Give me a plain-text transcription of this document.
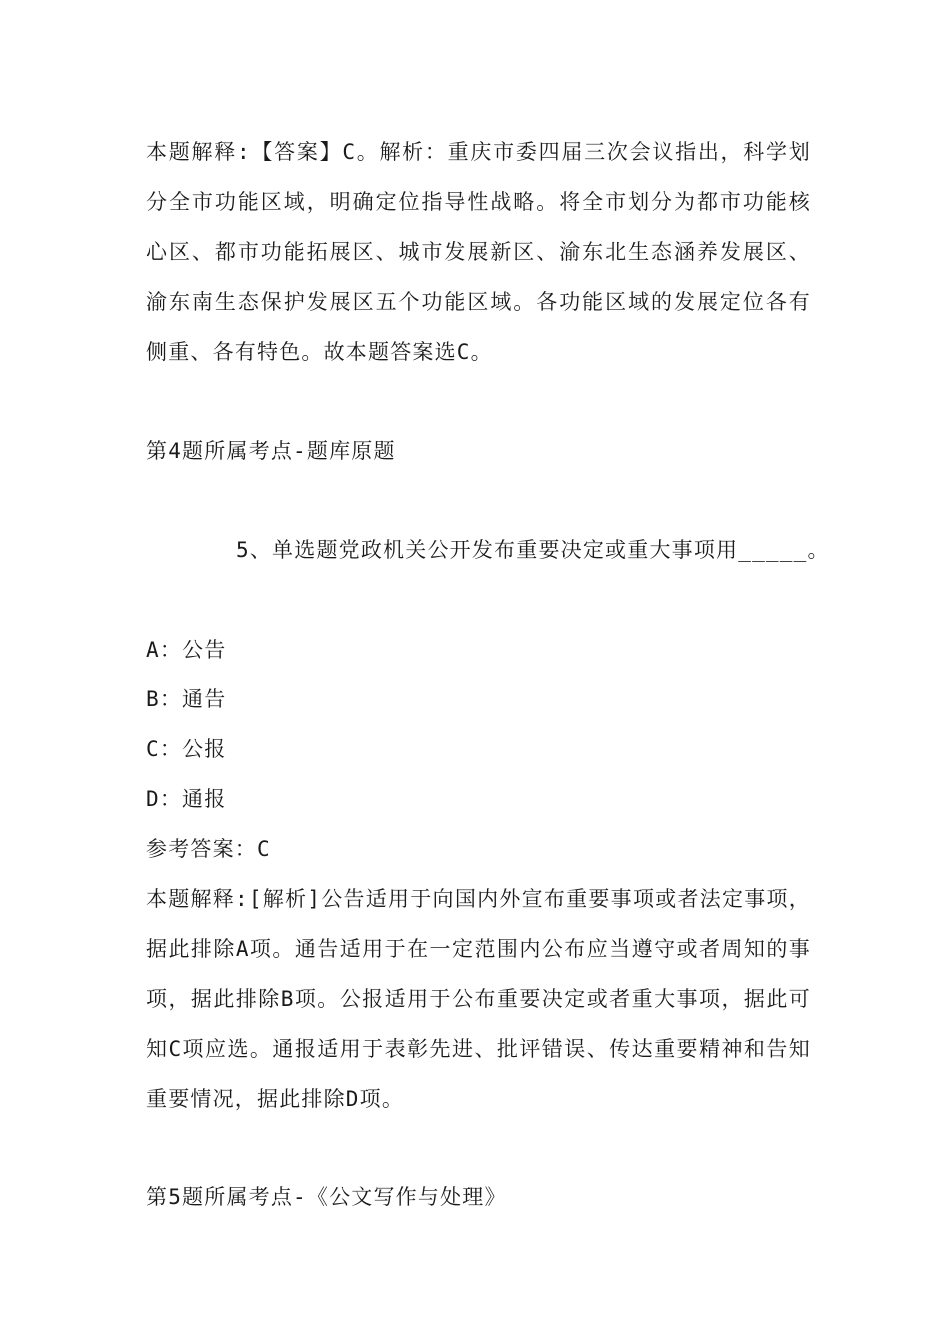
本题解释:【答案】C。解析：重庆市委四届三次会议指出，科学划分全市功能区域，明确定位指导性战略。将全市划分为都市功能核心区、都市功能拓展区、城市发展新区、渝东北生态涵养发展区、渝东南生态保护发展区五个功能区域。各功能区域的发展定位各有侧重、各有特色。故本题答案选C。
第4题所属考点-题库原题
5、单选题党政机关公开发布重要决定或重大事项用_____。
A：公告
B：通告
C：公报
D：通报
参考答案：C
本题解释:[解析]公告适用于向国内外宣布重要事项或者法定事项，据此排除A项。通告适用于在一定范围内公布应当遵守或者周知的事项，据此排除B项。公报适用于公布重要决定或者重大事项，据此可知C项应选。通报适用于表彰先进、批评错误、传达重要精神和告知重要情况，据此排除D项。
第5题所属考点-《公文写作与处理》
